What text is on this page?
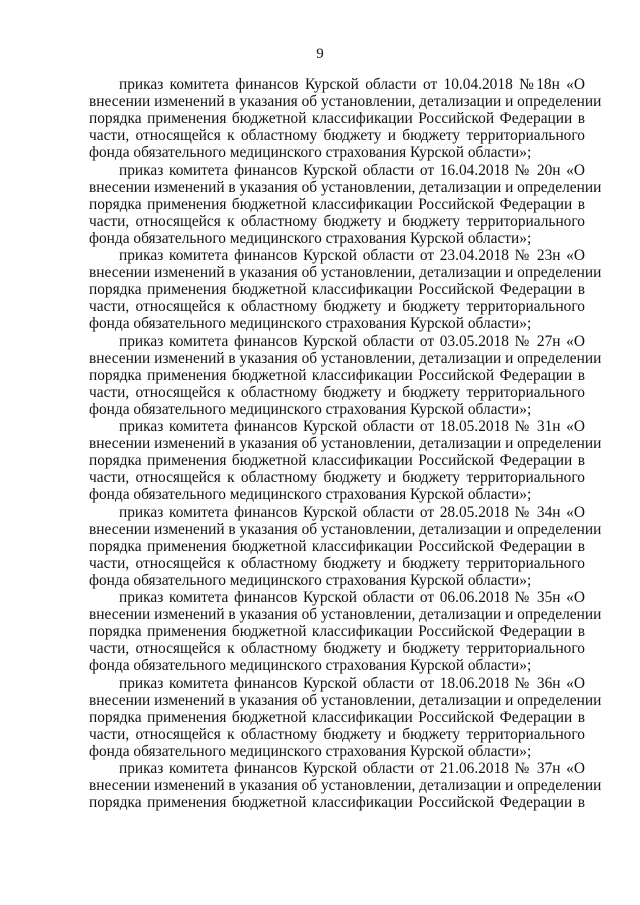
9
приказ комитета финансов Курской области от 10.04.2018 №18н «О
внесении изменений в указания об установлении, детализации и определении
порядка применения бюджетной классификации Российской Федерации в
части, относящейся к областному бюджету и бюджету территориального
фонда обязательного медицинского страхования Курской области»;
приказ комитета финансов Курской области от 16.04.2018 № 20н «О
внесении изменений в указания об установлении, детализации и определении
порядка применения бюджетной классификации Российской Федерации в
части, относящейся к областному бюджету и бюджету территориального
фонда обязательного медицинского страхования Курской области»;
приказ комитета финансов Курской области от 23.04.2018 № 23н «О
внесении изменений в указания об установлении, детализации и определении
порядка применения бюджетной классификации Российской Федерации в
части, относящейся к областному бюджету и бюджету территориального
фонда обязательного медицинского страхования Курской области»;
приказ комитета финансов Курской области от 03.05.2018 № 27н «О
внесении изменений в указания об установлении, детализации и определении
порядка применения бюджетной классификации Российской Федерации в
части, относящейся к областному бюджету и бюджету территориального
фонда обязательного медицинского страхования Курской области»;
приказ комитета финансов Курской области от 18.05.2018 № 31н «О
внесении изменений в указания об установлении, детализации и определении
порядка применения бюджетной классификации Российской Федерации в
части, относящейся к областному бюджету и бюджету территориального
фонда обязательного медицинского страхования Курской области»;
приказ комитета финансов Курской области от 28.05.2018 № 34н «О
внесении изменений в указания об установлении, детализации и определении
порядка применения бюджетной классификации Российской Федерации в
части, относящейся к областному бюджету и бюджету территориального
фонда обязательного медицинского страхования Курской области»;
приказ комитета финансов Курской области от 06.06.2018 № 35н «О
внесении изменений в указания об установлении, детализации и определении
порядка применения бюджетной классификации Российской Федерации в
части, относящейся к областному бюджету и бюджету территориального
фонда обязательного медицинского страхования Курской области»;
приказ комитета финансов Курской области от 18.06.2018 № 36н «О
внесении изменений в указания об установлении, детализации и определении
порядка применения бюджетной классификации Российской Федерации в
части, относящейся к областному бюджету и бюджету территориального
фонда обязательного медицинского страхования Курской области»;
приказ комитета финансов Курской области от 21.06.2018 № 37н «О
внесении изменений в указания об установлении, детализации и определении
порядка применения бюджетной классификации Российской Федерации в
